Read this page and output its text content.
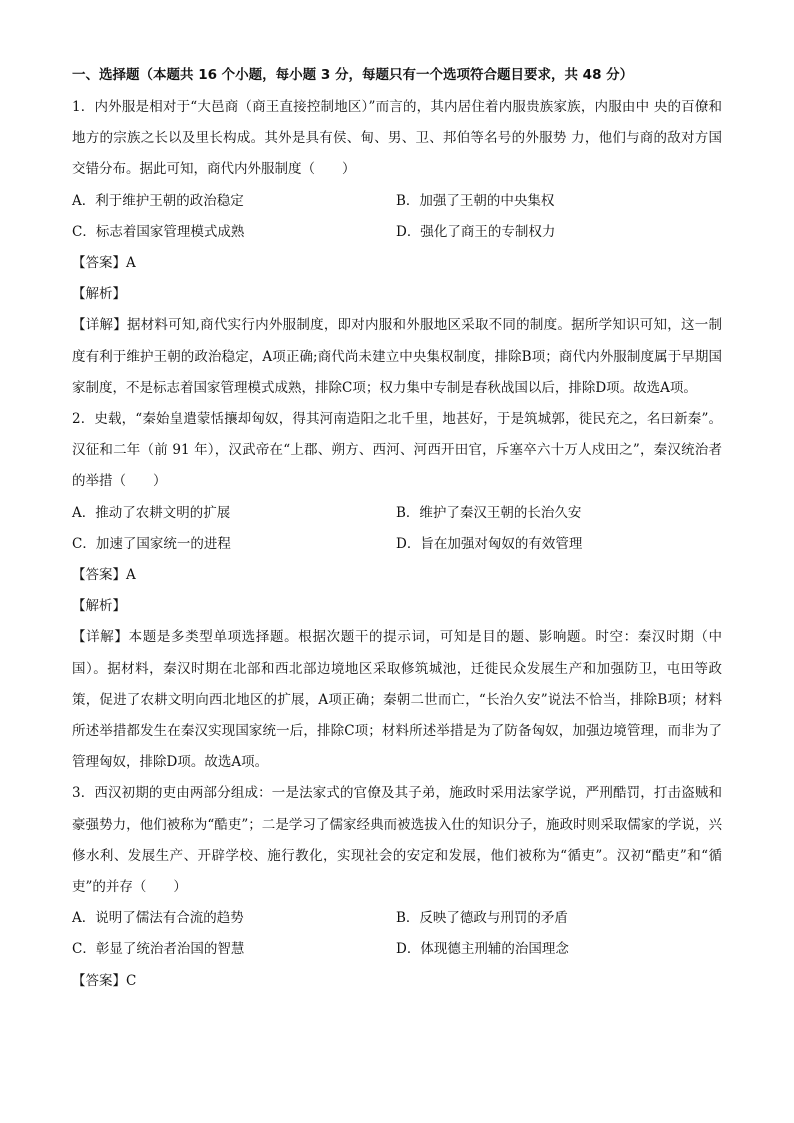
一、选择题（本题共 16 个小题，每小题 3 分，每题只有一个选项符合题目要求，共 48 分）

1．内外服是相对于“大邑商（商王直接控制地区）”而言的，其内居住着内服贵族家族，内服由中 央的百僚和地方的宗族之长以及里长构成。其外是具有侯、甸、男、卫、邦伯等名号的外服势 力，他们与商的敌对方国交错分布。据此可知，商代内外服制度（　　）

A．利于维护王朝的政治稳定	B．加强了王朝的中央集权
C．标志着国家管理模式成熟	D．强化了商王的专制权力

【答案】A

【解析】

【详解】据材料可知,商代实行内外服制度，即对内服和外服地区采取不同的制度。据所学知识可知，这一制度有利于维护王朝的政治稳定，A项正确;商代尚未建立中央集权制度，排除B项；商代内外服制度属于早期国家制度，不是标志着国家管理模式成熟，排除C项；权力集中专制是春秋战国以后，排除D项。故选A项。

2．史载，“秦始皇遣蒙恬攘却匈奴，得其河南造阳之北千里，地甚好，于是筑城郭，徙民充之，名曰新秦”。汉征和二年（前 91 年），汉武帝在“上郡、朔方、西河、河西开田官，斥塞卒六十万人戍田之”，秦汉统治者的举措（　　）

A．推动了农耕文明的扩展	B．维护了秦汉王朝的长治久安
C．加速了国家统一的进程	D．旨在加强对匈奴的有效管理

【答案】A

【解析】

【详解】本题是多类型单项选择题。根据次题干的提示词，可知是目的题、影响题。时空：秦汉时期（中国）。据材料，秦汉时期在北部和西北部边境地区采取修筑城池，迁徙民众发展生产和加强防卫，屯田等政策，促进了农耕文明向西北地区的扩展，A项正确；秦朝二世而亡，“长治久安”说法不恰当，排除B项；材料所述举措都发生在秦汉实现国家统一后，排除C项；材料所述举措是为了防备匈奴，加强边境管理，而非为了管理匈奴，排除D项。故选A项。

3．西汉初期的吏由两部分组成：一是法家式的官僚及其子弟，施政时采用法家学说，严刑酷罚，打击盗贼和豪强势力，他们被称为“酷吏”；二是学习了儒家经典而被选拔入仕的知识分子，施政时则采取儒家的学说，兴修水利、发展生产、开辟学校、施行教化，实现社会的安定和发展，他们被称为“循吏”。汉初“酷吏”和“循吏”的并存（　　）

A．说明了儒法有合流的趋势	B．反映了德政与刑罚的矛盾
C．彰显了统治者治国的智慧	D．体现德主刑辅的治国理念

【答案】C
